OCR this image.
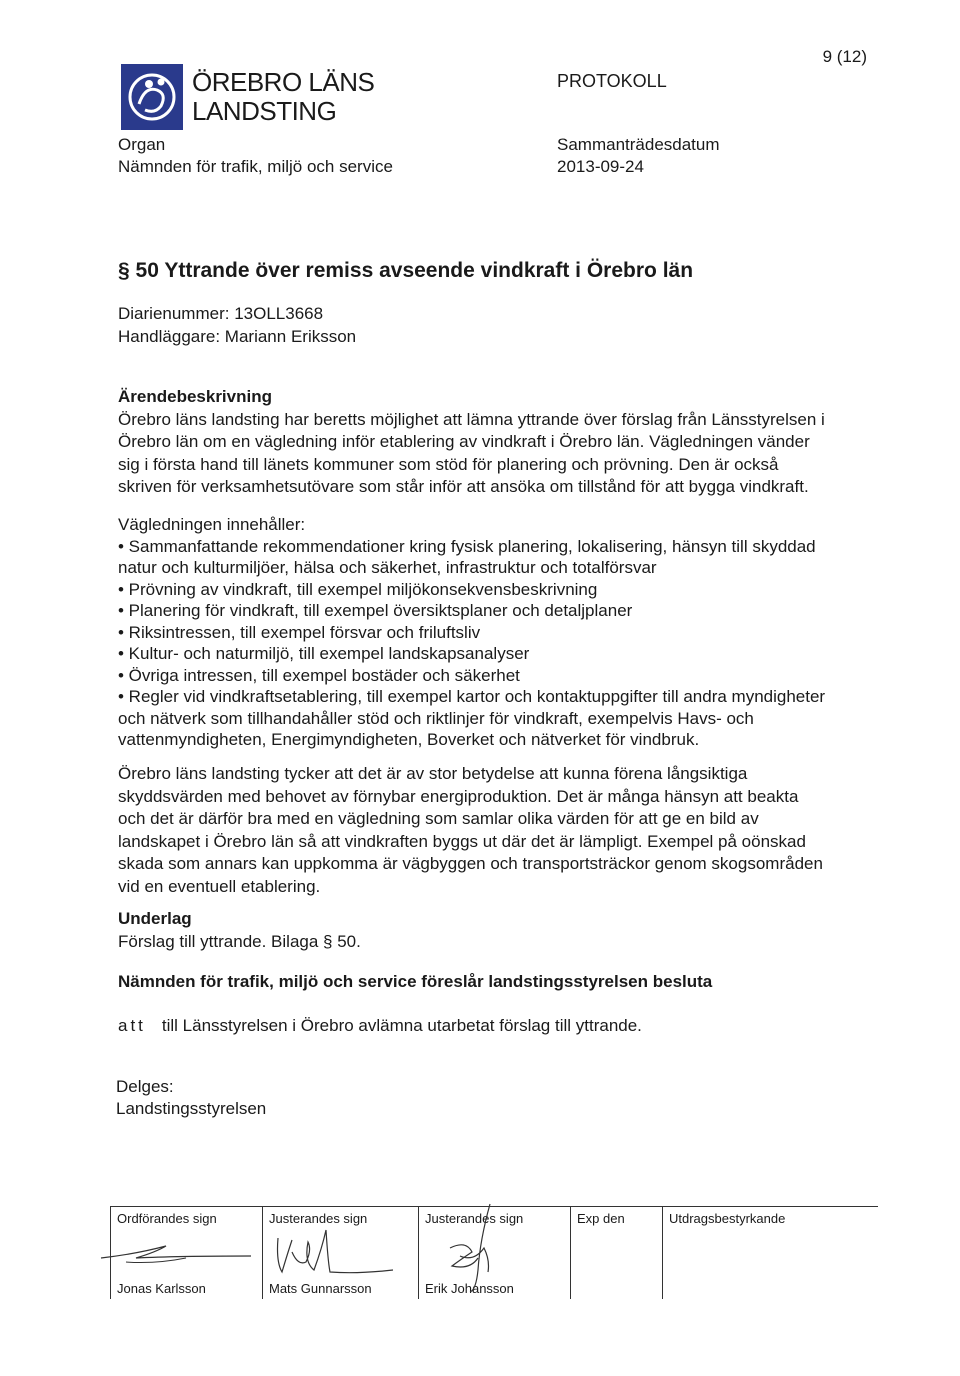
ÖREBRO LÄNS
LANDSTING
Organ
Nämnden för trafik, miljö och service
PROTOKOLL
Sammanträdesdatum
2013-09-24
9 (12)
§ 50 Yttrande över remiss avseende vindkraft i Örebro län
Diarienummer: 13OLL3668
Handläggare: Mariann Eriksson
Ärendebeskrivning

Örebro läns landsting har beretts möjlighet att lämna yttrande över förslag från Länsstyrelsen i

Örebro län om en vägledning inför etablering av vindkraft i Örebro län. Vägledningen vänder

sig i första hand till länets kommuner som stöd för planering och prövning. Den är också

skriven för verksamhetsutövare som står inför att ansöka om tillstånd för att bygga vindkraft.

Vägledningen innehåller:
• Sammanfattande rekommendationer kring fysisk planering, lokalisering, hänsyn till skyddad
natur och kulturmiljöer, hälsa och säkerhet, infrastruktur och totalförsvar
• Prövning av vindkraft, till exempel miljökonsekvensbeskrivning
• Planering för vindkraft, till exempel översiktsplaner och detaljplaner
• Riksintressen, till exempel försvar och friluftsliv
• Kultur- och naturmiljö, till exempel landskapsanalyser
• Övriga intressen, till exempel bostäder och säkerhet
• Regler vid vindkraftsetablering, till exempel kartor och kontaktuppgifter till andra myndigheter
och nätverk som tillhandahåller stöd och riktlinjer för vindkraft, exempelvis Havs- och
vattenmyndigheten, Energimyndigheten, Boverket och nätverket för vindbruk.

Örebro läns landsting tycker att det är av stor betydelse att kunna förena långsiktiga

skyddsvärden med behovet av förnybar energiproduktion. Det är många hänsyn att beakta

och det är därför bra med en vägledning som samlar olika värden för att ge en bild av

landskapet i Örebro län så att vindkraften byggs ut där det är lämpligt. Exempel på oönskad

skada som annars kan uppkomma är vägbyggen och transportsträckor genom skogsområden

vid en eventuell etablering.

Underlag

Förslag till yttrande. Bilaga § 50.

Nämnden för trafik, miljö och service föreslår landstingsstyrelsen besluta
att till Länsstyrelsen i Örebro avlämna utarbetat förslag till yttrande.
Delges:
Landstingsstyrelsen
Ordförandes sign
Jonas Karlsson
Justerandes sign
Mats Gunnarsson
Justerandes sign
Erik Johansson
Exp den	Utdragsbestyrkande
